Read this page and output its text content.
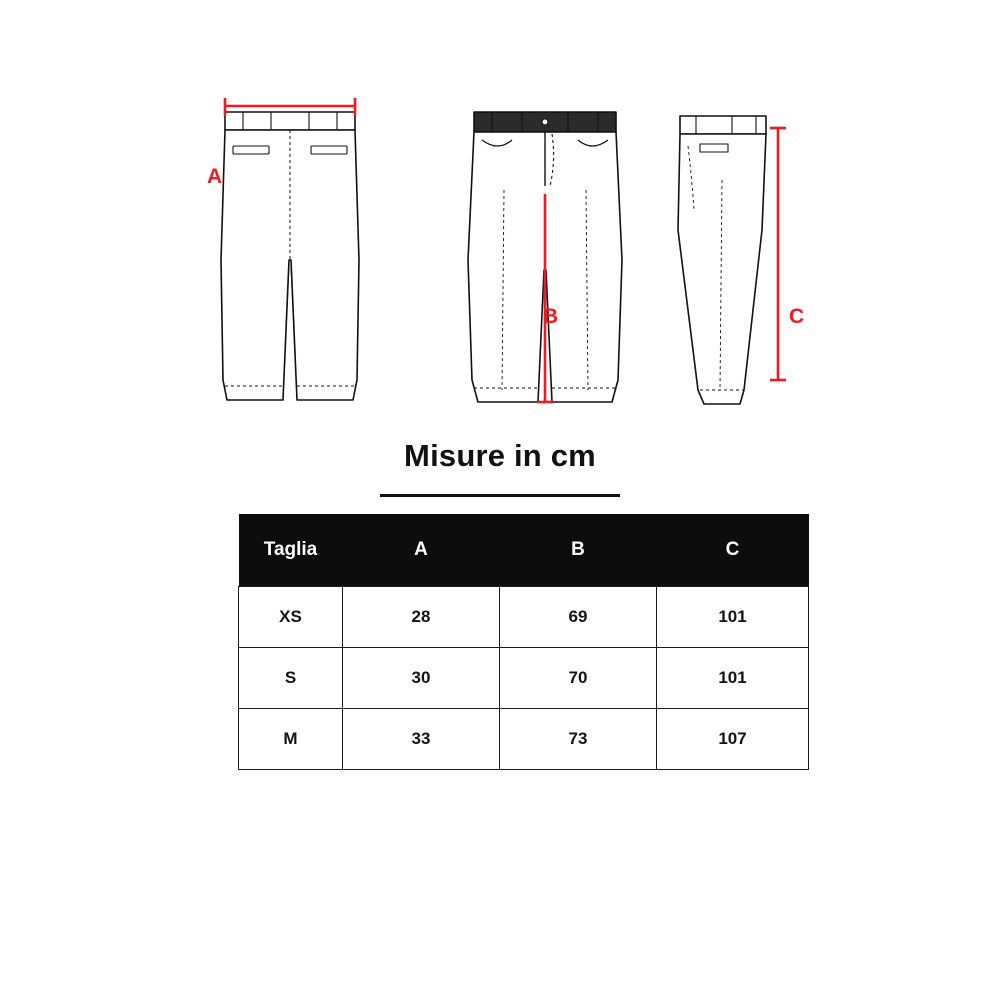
A
B	C
Misure in cm
Taglia	A	B	C
XS	28	69	101
S	30	70	101
M	33	73	107
